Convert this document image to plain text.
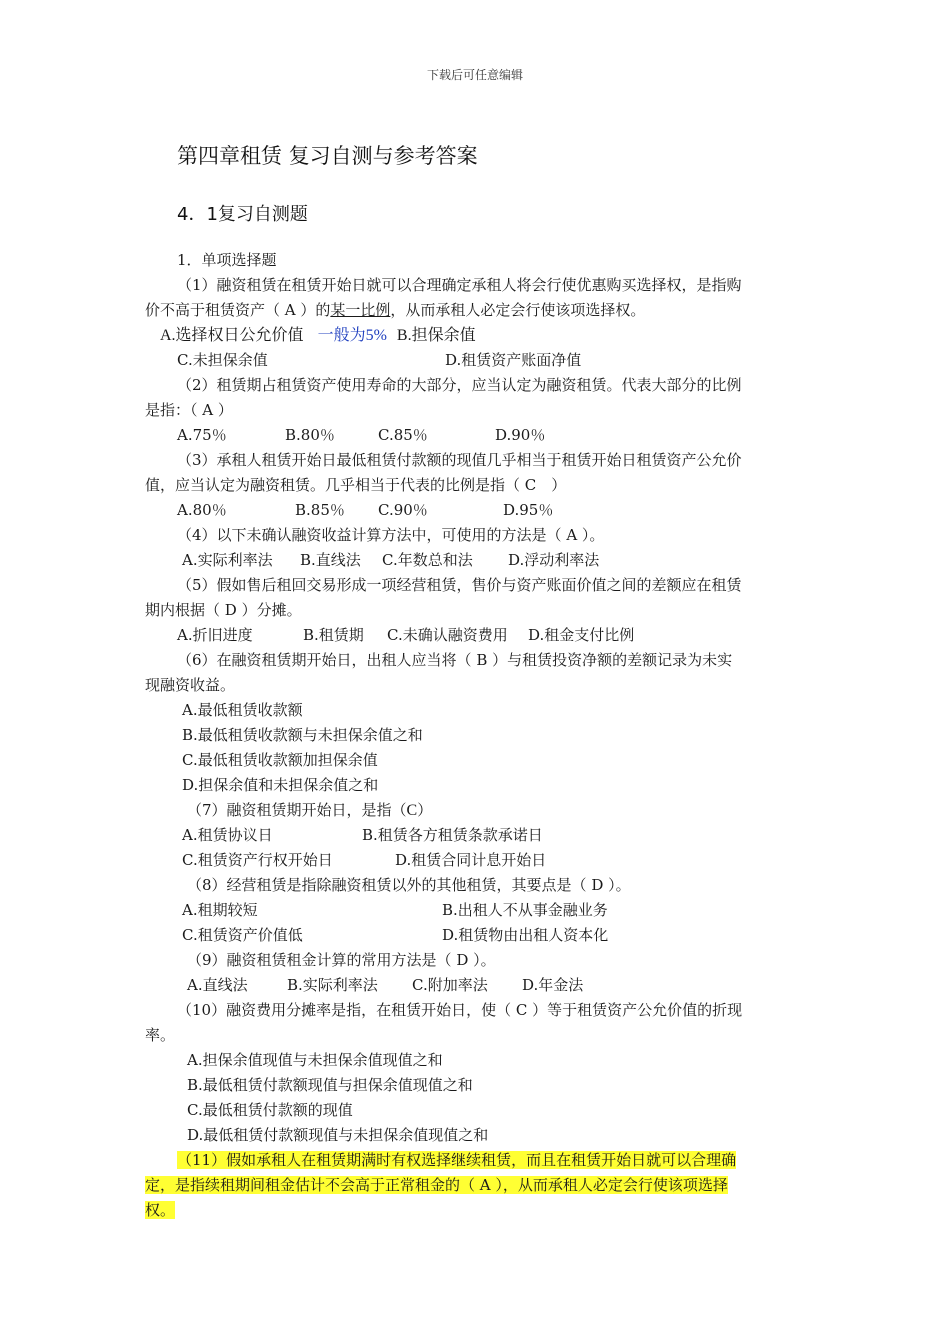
下载后可任意编辑
第四章租赁 复习自测与参考答案
4．1复习自测题
1．单项选择题
（1）融资租赁在租赁开始日就可以合理确定承租人将会行使优惠购买选择权，是指购
价不高于租赁资产（ A ）的某一比例，从而承租人必定会行使该项选择权。
A.选择权日公允价值 一般为5% B.担保余值
C.未担保余值	D.租赁资产账面净值
（2）租赁期占租赁资产使用寿命的大部分，应当认定为融资租赁。代表大部分的比例
是指：（ A ）
A.75％	B.80％	C.85％	D.90％
（3）承租人租赁开始日最低租赁付款额的现值几乎相当于租赁开始日租赁资产公允价
值，应当认定为融资租赁。几乎相当于代表的比例是指（ C　）
A.80％	B.85％ C.90％	D.95％
（4）以下未确认融资收益计算方法中，可使用的方法是（ A ）。
A.实际利率法 B.直线法 C.年数总和法 D.浮动利率法
（5）假如售后租回交易形成一项经营租赁，售价与资产账面价值之间的差额应在租赁
期内根据（ D ）分摊。
A.折旧进度	B.租赁期 C.未确认融资费用 D.租金支付比例
（6）在融资租赁期开始日，出租人应当将（ B ）与租赁投资净额的差额记录为未实
现融资收益。
A.最低租赁收款额
B.最低租赁收款额与未担保余值之和
C.最低租赁收款额加担保余值
D.担保余值和未担保余值之和
（7）融资租赁期开始日，是指（C）
A.租赁协议日	B.租赁各方租赁条款承诺日
C.租赁资产行权开始日	D.租赁合同计息开始日
（8）经营租赁是指除融资租赁以外的其他租赁，其要点是（ D ）。
A.租期较短	B.出租人不从事金融业务
C.租赁资产价值低	D.租赁物由出租人资本化
（9）融资租赁租金计算的常用方法是（ D ）。
A.直线法	B.实际利率法 C.附加率法 D.年金法
（10）融资费用分摊率是指，在租赁开始日，使（ C ）等于租赁资产公允价值的折现
率。
A.担保余值现值与未担保余值现值之和
B.最低租赁付款额现值与担保余值现值之和
C.最低租赁付款额的现值
D.最低租赁付款额现值与未担保余值现值之和
（11）假如承租人在租赁期满时有权选择继续租赁，而且在租赁开始日就可以合理确
定，是指续租期间租金估计不会高于正常租金的（ A ），从而承租人必定会行使该项选择
权。
